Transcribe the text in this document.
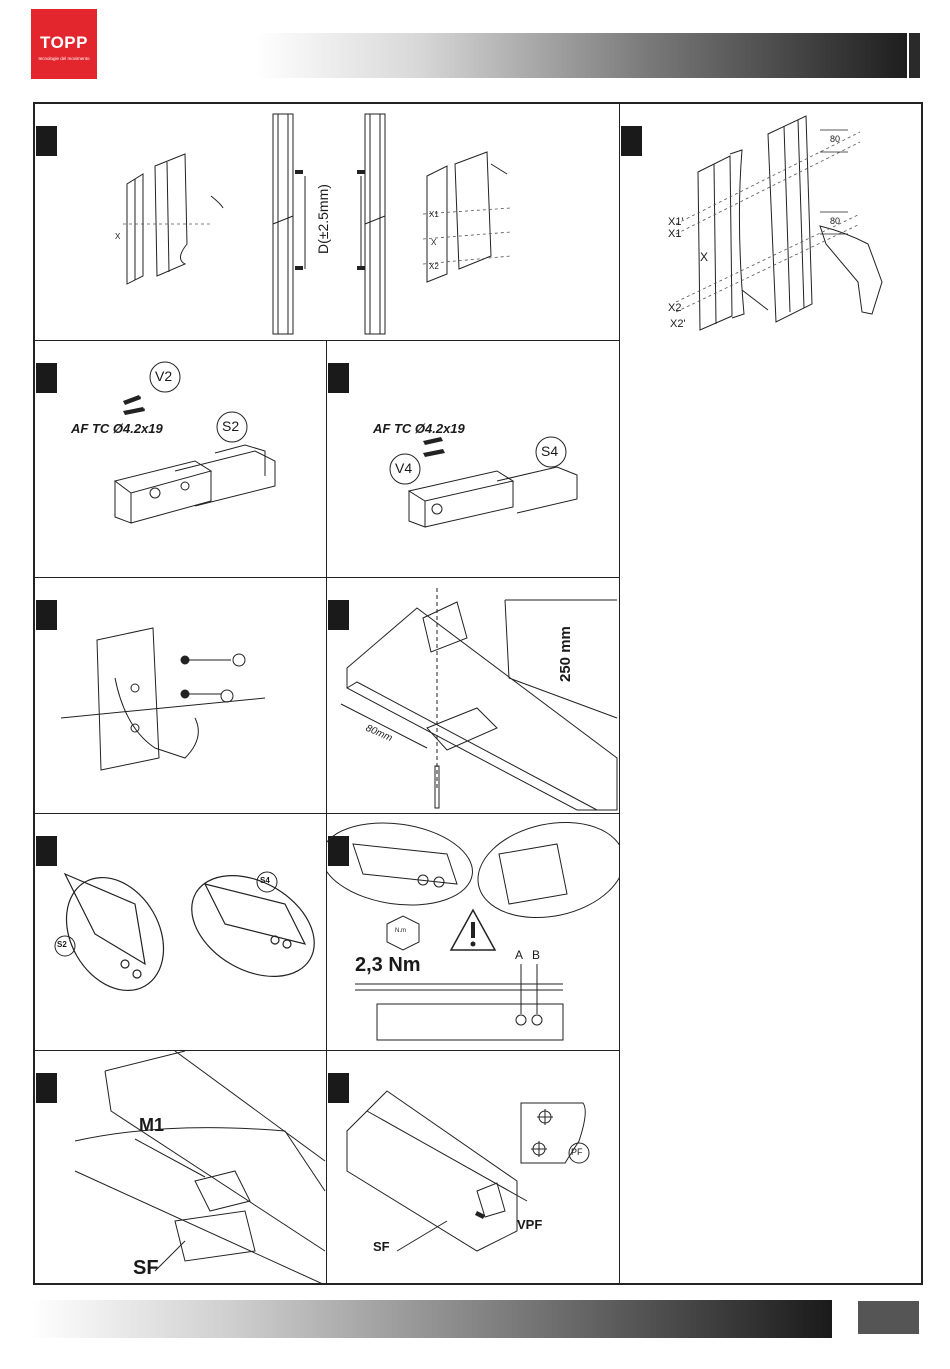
TOPP
tecnologie del movimento
X
X1
X
X2
D(±2.5mm)	X1'
X1
X
X2
X2'
80
80
V2
AF TC Ø4.2x19	S2	AF TC Ø4.2x19
V4
S4
250 mm
80mm
S2
S4
N.m
2,3 Nm	A B
M1
SF
PF
VPF
SF
